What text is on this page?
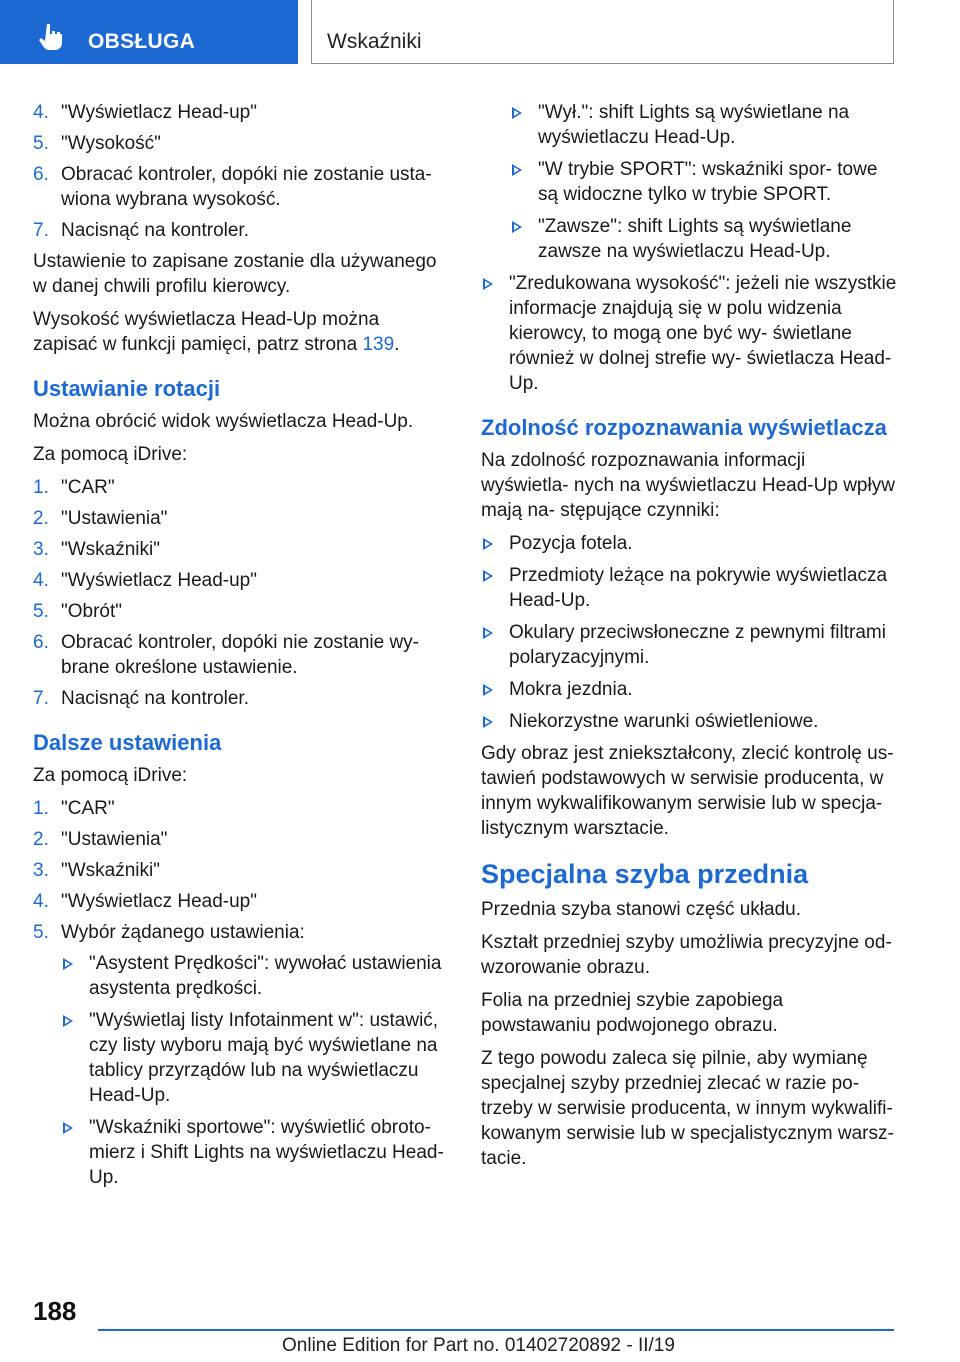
OBSŁUGA	Wskaźniki
4. "Wyświetlacz Head-up"
5. "Wysokość"
6. Obracać kontroler, dopóki nie zostanie usta- wiona wybrana wysokość.
7. Nacisnąć na kontroler.

Ustawienie to zapisane zostanie dla używanego w danej chwili profilu kierowcy.

Wysokość wyświetlacza Head-Up można zapisać w funkcji pamięci, patrz strona 139.

Ustawianie rotacji

Można obrócić widok wyświetlacza Head-Up.

Za pomocą iDrive:

1. "CAR"
2. "Ustawienia"
3. "Wskaźniki"
4. "Wyświetlacz Head-up"
5. "Obrót"
6. Obracać kontroler, dopóki nie zostanie wy- brane określone ustawienie.
7. Nacisnąć na kontroler.
Dalsze ustawienia

Za pomocą iDrive:

1. "CAR"
2. "Ustawienia"
3. "Wskaźniki"
4. "Wyświetlacz Head-up"
5. Wybór żądanego ustawienia:
"Asystent Prędkości": wywołać ustawienia asystenta prędkości.
"Wyświetlaj listy Infotainment w": ustawić, czy listy wyboru mają być wyświetlane na tablicy przyrządów lub na wyświetlaczu Head-Up.
"Wskaźniki sportowe": wyświetlić obroto- mierz i Shift Lights na wyświetlaczu Head- Up.
"Wył.": shift Lights są wyświetlane na wyświetlaczu Head-Up.
"W trybie SPORT": wskaźniki spor- towe są widoczne tylko w trybie SPORT.
"Zawsze": shift Lights są wyświetlane zawsze na wyświetlaczu Head-Up.
"Zredukowana wysokość": jeżeli nie wszystkie informacje znajdują się w polu widzenia kierowcy, to mogą one być wy- świetlane również w dolnej strefie wy- świetlacza Head-Up.
Zdolność rozpoznawania wyświetlacza

Na zdolność rozpoznawania informacji wyświetla- nych na wyświetlaczu Head-Up wpływ mają na- stępujące czynniki:

Pozycja fotela.
Przedmioty leżące na pokrywie wyświetlacza Head-Up.
Okulary przeciwsłoneczne z pewnymi filtrami polaryzacyjnymi.
Mokra jezdnia.
Niekorzystne warunki oświetleniowe.

Gdy obraz jest zniekształcony, zlecić kontrolę us- tawień podstawowych w serwisie producenta, w innym wykwalifikowanym serwisie lub w specja- listycznym warsztacie.

Specjalna szyba przednia

Przednia szyba stanowi część układu.

Kształt przedniej szyby umożliwia precyzyjne od- wzorowanie obrazu.

Folia na przedniej szybie zapobiega powstawaniu podwojonego obrazu.

Z tego powodu zaleca się pilnie, aby wymianę specjalnej szyby przedniej zlecać w razie po- trzeby w serwisie producenta, w innym wykwalifi- kowanym serwisie lub w specjalistycznym warsz- tacie.

188
Online Edition for Part no. 01402720892 - II/19
